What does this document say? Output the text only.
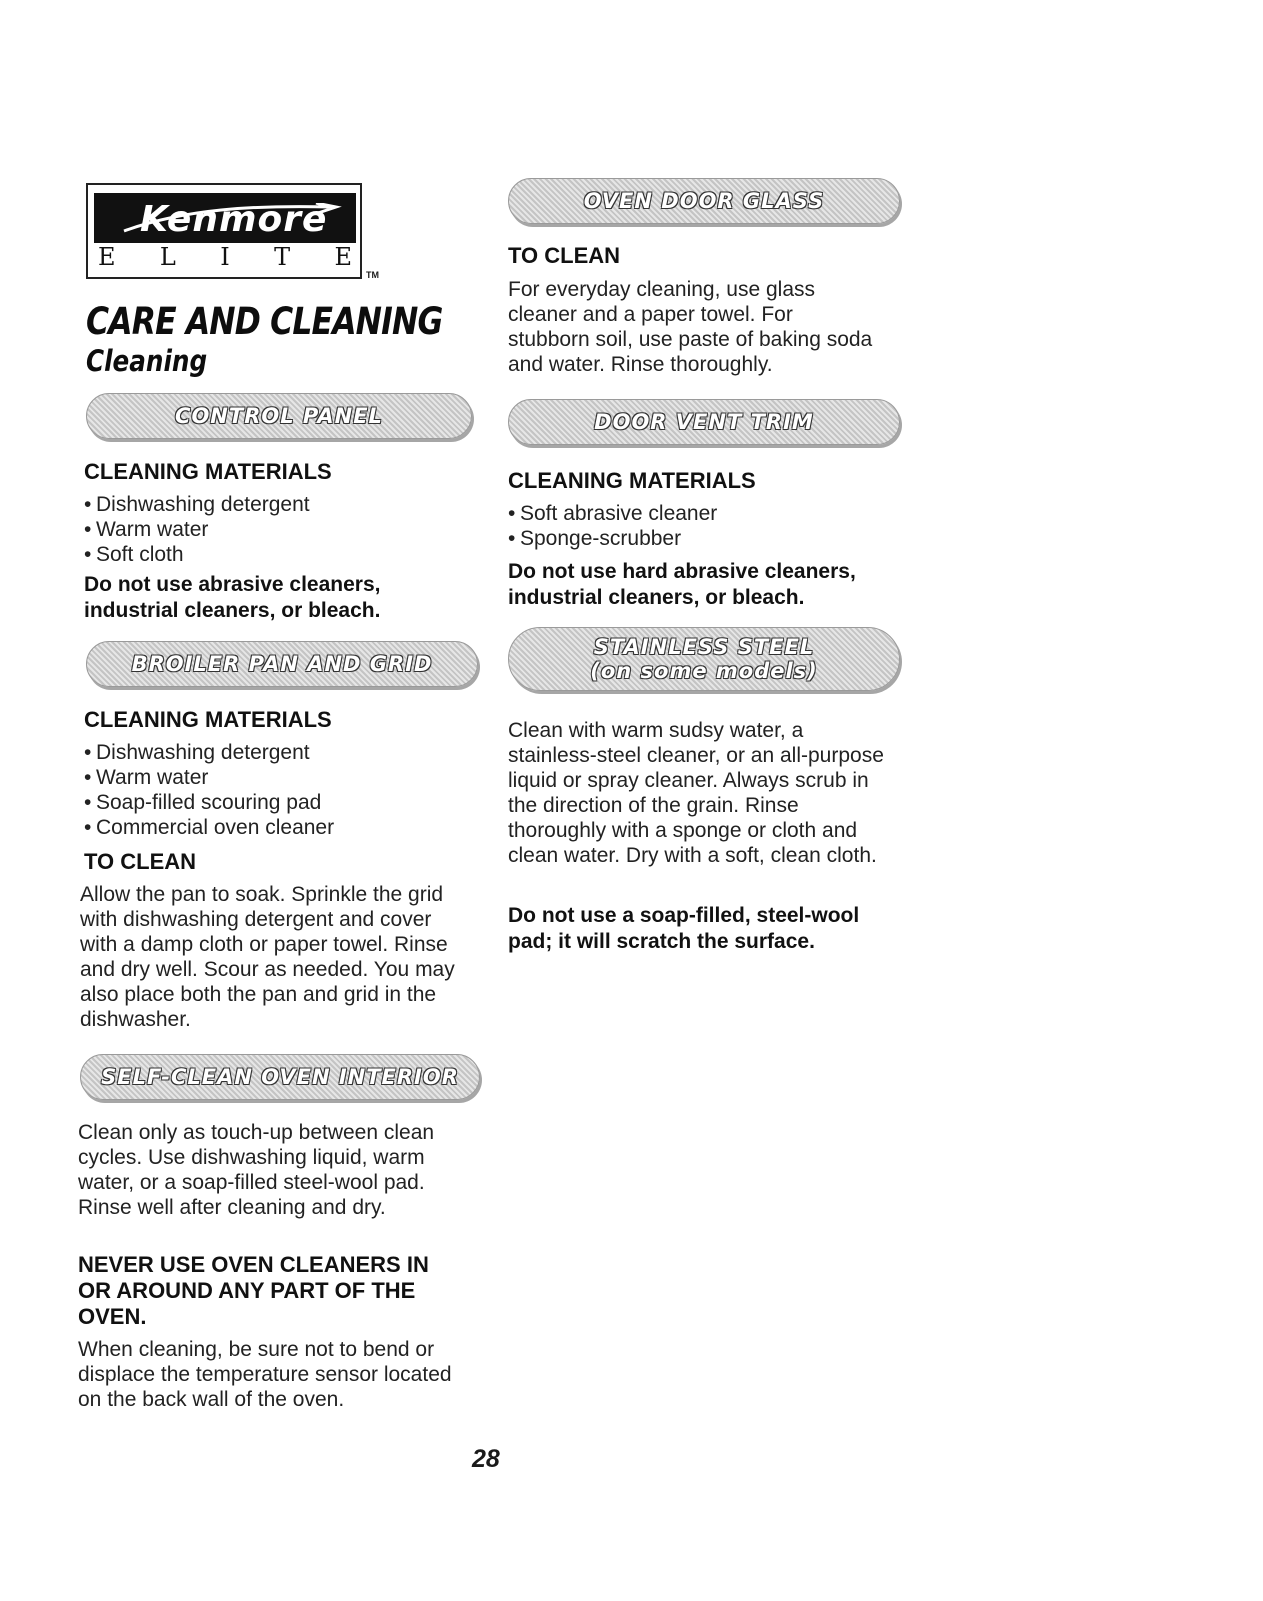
Kenmore
E L I T E
TM
CARE AND CLEANING
Cleaning
CONTROL PANEL
CLEANING MATERIALS
• Dishwashing detergent
• Warm water
• Soft cloth
Do not use abrasive cleaners, industrial cleaners, or bleach.
BROILER PAN AND GRID
CLEANING MATERIALS
• Dishwashing detergent
• Warm water
• Soap-filled scouring pad
• Commercial oven cleaner
TO CLEAN
Allow the pan to soak. Sprinkle the grid with dishwashing detergent and cover with a damp cloth or paper towel. Rinse and dry well. Scour as needed. You may also place both the pan and grid in the dishwasher.
SELF-CLEAN OVEN INTERIOR
Clean only as touch-up between clean cycles. Use dishwashing liquid, warm water, or a soap-filled steel-wool pad. Rinse well after cleaning and dry.
NEVER USE OVEN CLEANERS IN OR AROUND ANY PART OF THE OVEN.
When cleaning, be sure not to bend or displace the temperature sensor located on the back wall of the oven.
OVEN DOOR GLASS
TO CLEAN
For everyday cleaning, use glass cleaner and a paper towel. For stubborn soil, use paste of baking soda and water. Rinse thoroughly.
DOOR VENT TRIM
CLEANING MATERIALS
• Soft abrasive cleaner
• Sponge-scrubber
Do not use hard abrasive cleaners, industrial cleaners, or bleach.
STAINLESS STEEL
(on some models)
Clean with warm sudsy water, a stainless-steel cleaner, or an all-purpose liquid or spray cleaner. Always scrub in the direction of the grain. Rinse thoroughly with a sponge or cloth and clean water. Dry with a soft, clean cloth.
Do not use a soap-filled, steel-wool pad; it will scratch the surface.
28
